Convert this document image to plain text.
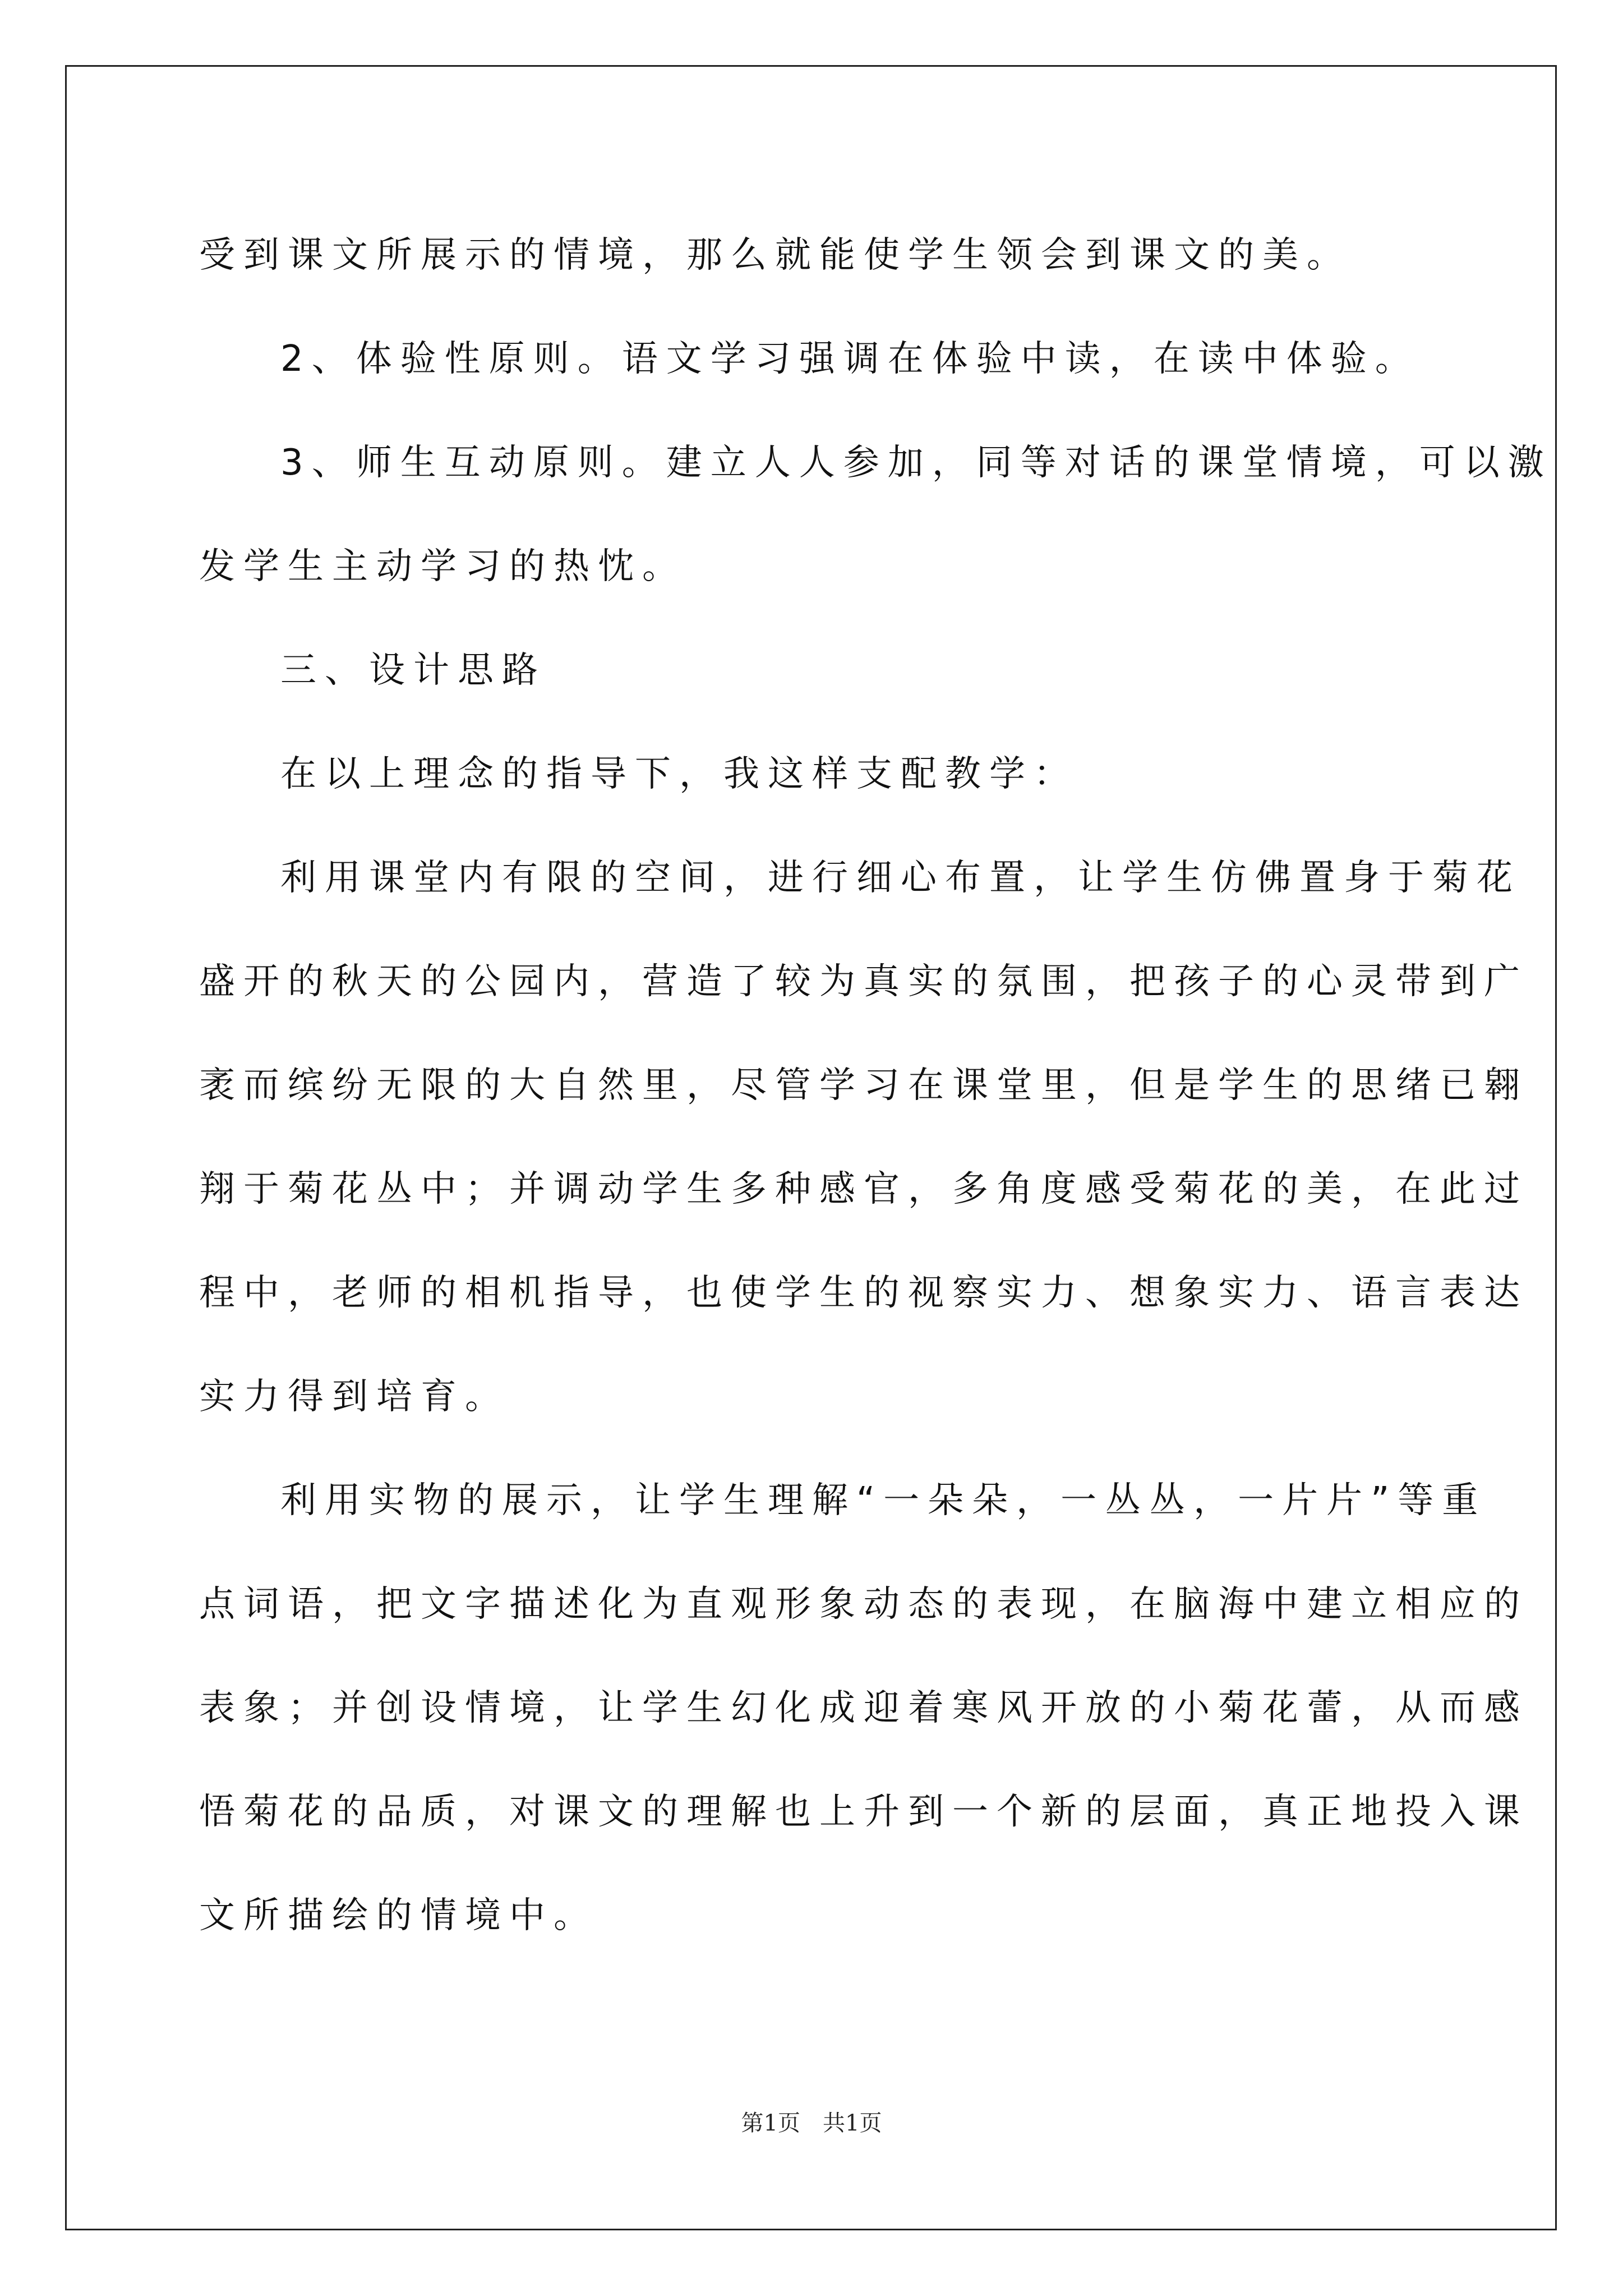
受到课文所展示的情境，那么就能使学生领会到课文的美。
2、体验性原则。语文学习强调在体验中读，在读中体验。
3、师生互动原则。建立人人参加，同等对话的课堂情境，可以激
发学生主动学习的热忱。
三、设计思路
在以上理念的指导下，我这样支配教学：
利用课堂内有限的空间，进行细心布置，让学生仿佛置身于菊花
盛开的秋天的公园内，营造了较为真实的氛围，把孩子的心灵带到广
袤而缤纷无限的大自然里，尽管学习在课堂里，但是学生的思绪已翱
翔于菊花丛中；并调动学生多种感官，多角度感受菊花的美，在此过
程中，老师的相机指导，也使学生的视察实力、想象实力、语言表达
实力得到培育。
利用实物的展示，让学生理解“一朵朵，一丛丛，一片片”等重
点词语，把文字描述化为直观形象动态的表现，在脑海中建立相应的
表象；并创设情境，让学生幻化成迎着寒风开放的小菊花蕾，从而感
悟菊花的品质，对课文的理解也上升到一个新的层面，真正地投入课
文所描绘的情境中。
第1页 共1页
